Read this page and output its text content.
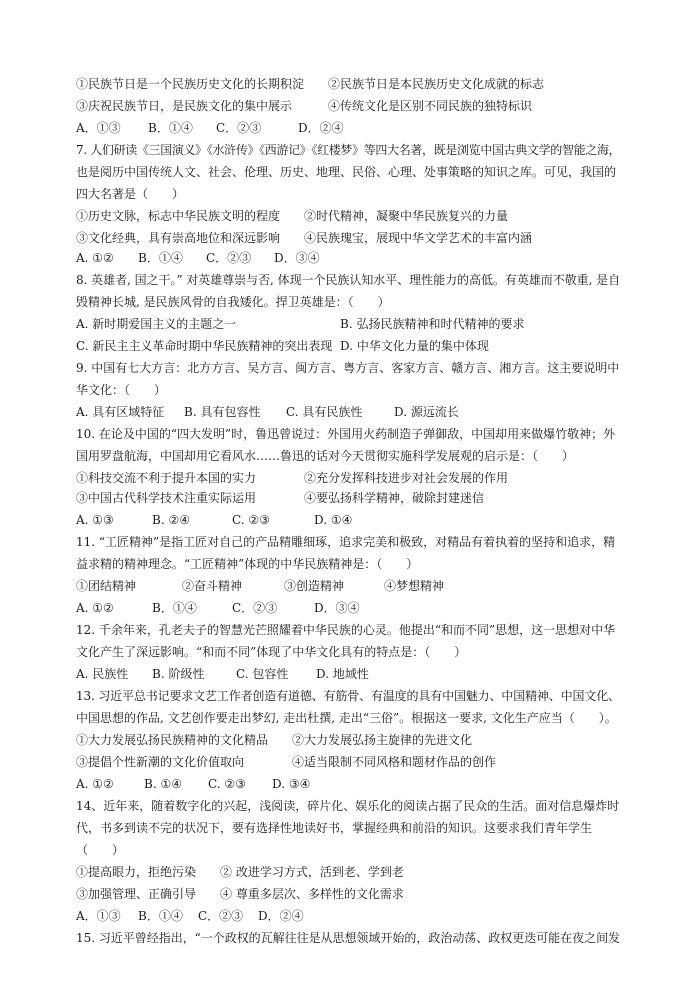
①民族节日是一个民族历史文化的长期积淀　　②民族节日是本民族历史文化成就的标志
③庆祝民族节日，是民族文化的集中展示　　　④传统文化是区别不同民族的独特标识
A．①③ B．①④ C．②③	D．②④
7. 人们研读《三国演义》《水浒传》《西游记》《红楼梦》等四大名著，既是浏览中国古典文学的智能之海，
也是阅历中国传统人文、社会、伦理、历史、地理、民俗、心理、处事策略的知识之库。可见，我国的
四大名著是（　　）
①历史文脉，标志中华民族文明的程度　　②时代精神，凝聚中华民族复兴的力量
③文化经典，具有崇高地位和深远影响　　④民族瑰宝，展现中华文学艺术的丰富内涵
A. ①② B．①④ C．②③ D．③④
8. 英雄者, 国之干。” 对英雄尊崇与否, 体现一个民族认知水平、理性能力的高低。有英雄而不敬重, 是自
毁精神长城, 是民族风骨的自我矮化。捍卫英雄是：（　　）
A. 新时期爱国主义的主题之一	B. 弘扬民族精神和时代精神的要求
C. 新民主主义革命时期中华民族精神的突出表现 D. 中华文化力量的集中体现
9. 中国有七大方言：北方方言、吴方言、闽方言、粤方言、客家方言、赣方言、湘方言。这主要说明中
华文化：（　　）
A. 具有区域特征 B. 具有包容性 C. 具有民族性	D. 源远流长
10. 在论及中国的“四大发明”时，鲁迅曾说过：外国用火药制造子弹御敌，中国却用来做爆竹敬神；外
国用罗盘航海，中国却用它看风水……鲁迅的话对今天贯彻实施科学发展观的启示是：（　　）
①科技交流不利于提升本国的实力　　　　②充分发挥科技进步对社会发展的作用
③中国古代科学技术注重实际运用　　　　④要弘扬科学精神，破除封建迷信
A. ①③	B. ②④	C. ②③	D. ①④
11. “工匠精神”是指工匠对自己的产品精雕细琢，追求完美和极致，对精品有着执着的坚持和追求，精
益求精的精神理念。“工匠精神”体现的中华民族精神是：（　　）
①团结精神	②奋斗精神	③创造精神	④梦想精神
A. ①②	B．①④	C．②③	D．③④
12. 千余年来，孔老夫子的智慧光芒照耀着中华民族的心灵。他提出“和而不同”思想，这一思想对中华
文化产生了深远影响。“和而不同”体现了中华文化具有的特点是：（　　）
A. 民族性 B. 阶级性	C. 包容性 D. 地域性
13. 习近平总书记要求文艺工作者创造有道德、有筋骨、有温度的具有中国魅力、中国精神、中国文化、
中国思想的作品, 文艺创作要走出梦幻, 走出杜撰, 走出“三俗”。根据这一要求, 文化生产应当（　　）。
①大力发展弘扬民族精神的文化精品　　②大力发展弘扬主旋律的先进文化
③提倡个性新潮的文化价值取向　　　　④适当限制不同风格和题材作品的创作
A. ①②	B. ①④ C. ②③ D. ③④
14、近年来，随着数字化的兴起，浅阅读，碎片化、娱乐化的阅读占据了民众的生活。面对信息爆炸时
代，书多到读不完的状况下，要有选择性地读好书，掌握经典和前沿的知识。这要求我们青年学生
（　　）
①提高眼力，拒绝污染　　② 改进学习方式，活到老、学到老
③加强管理、正确引导　　④ 尊重多层次、多样性的文化需求
A．①③ B．①④ C．②③ D．②④
15. 习近平曾经指出，“一个政权的瓦解往往是从思想领域开始的，政治动荡、政权更迭可能在夜之间发
